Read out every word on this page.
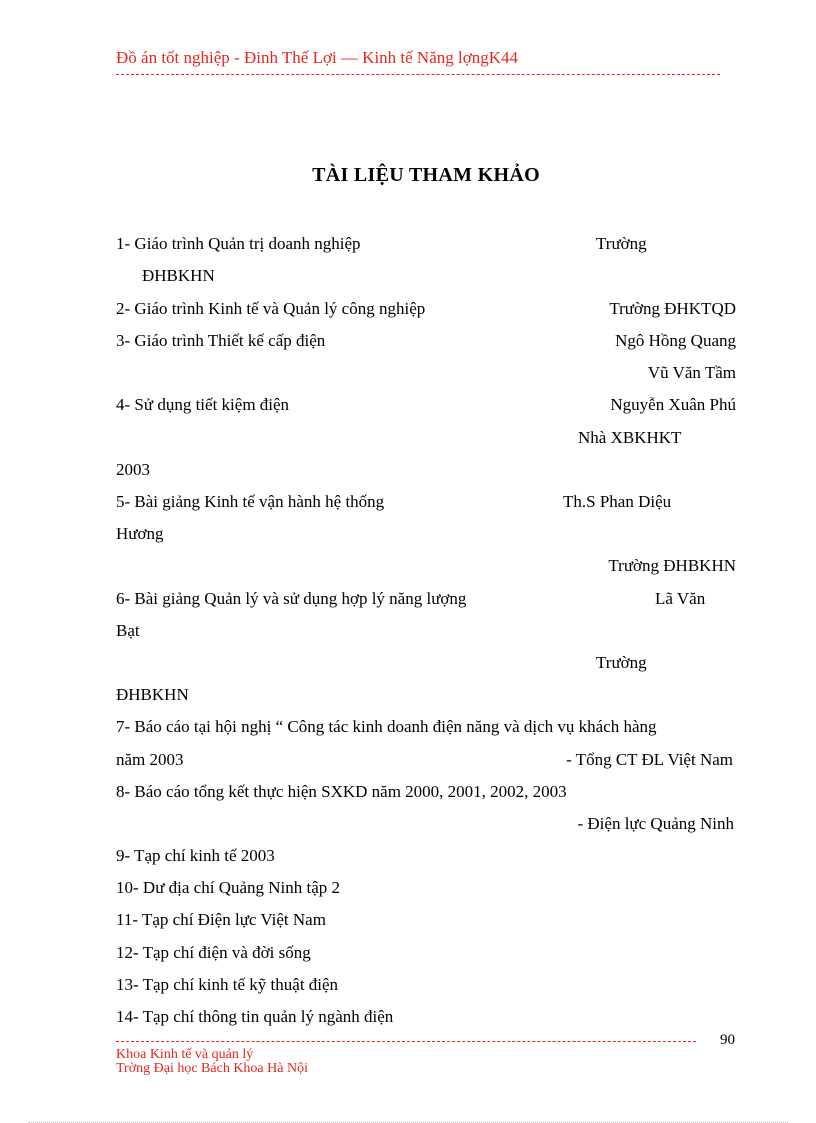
Đồ án tốt nghiệp - Đinh Thế Lợi — Kinh tế Năng lợngK44
TÀI LIỆU THAM KHẢO
1- Giáo trình Quản trị doanh nghiệp	Trường
ĐHBKHN
2- Giáo trình Kinh tế và Quản lý công nghiệp	Trường ĐHKTQD
3- Giáo trình Thiết kế cấp điện	Ngô Hồng Quang
Vũ Văn Tầm
4- Sử dụng tiết kiệm điện	Nguyễn Xuân Phú
Nhà XBKHKT
2003
5- Bài giảng Kinh tế vận hành hệ thống	Th.S Phan Diệu
Hương
Trường ĐHBKHN
6- Bài giảng Quản lý và sử dụng hợp lý năng lượng	Lã Văn
Bạt
Trường
ĐHBKHN
7- Báo cáo tại hội nghị “ Công tác kinh doanh điện năng và dịch vụ khách hàng
năm 2003	- Tổng CT ĐL Việt Nam
8- Báo cáo tổng kết thực hiện SXKD năm 2000, 2001, 2002, 2003
- Điện lực Quảng Ninh
9- Tạp chí kinh tế 2003
10- Dư địa chí Quảng Ninh tập 2
11- Tạp chí Điện lực Việt Nam
12- Tạp chí điện và đời sống
13- Tạp chí kinh tế kỹ thuật điện
14- Tạp chí thông tin quản lý ngành điện
90
Khoa Kinh tế và quản lý
Trờng Đại học Bách Khoa Hà Nội
